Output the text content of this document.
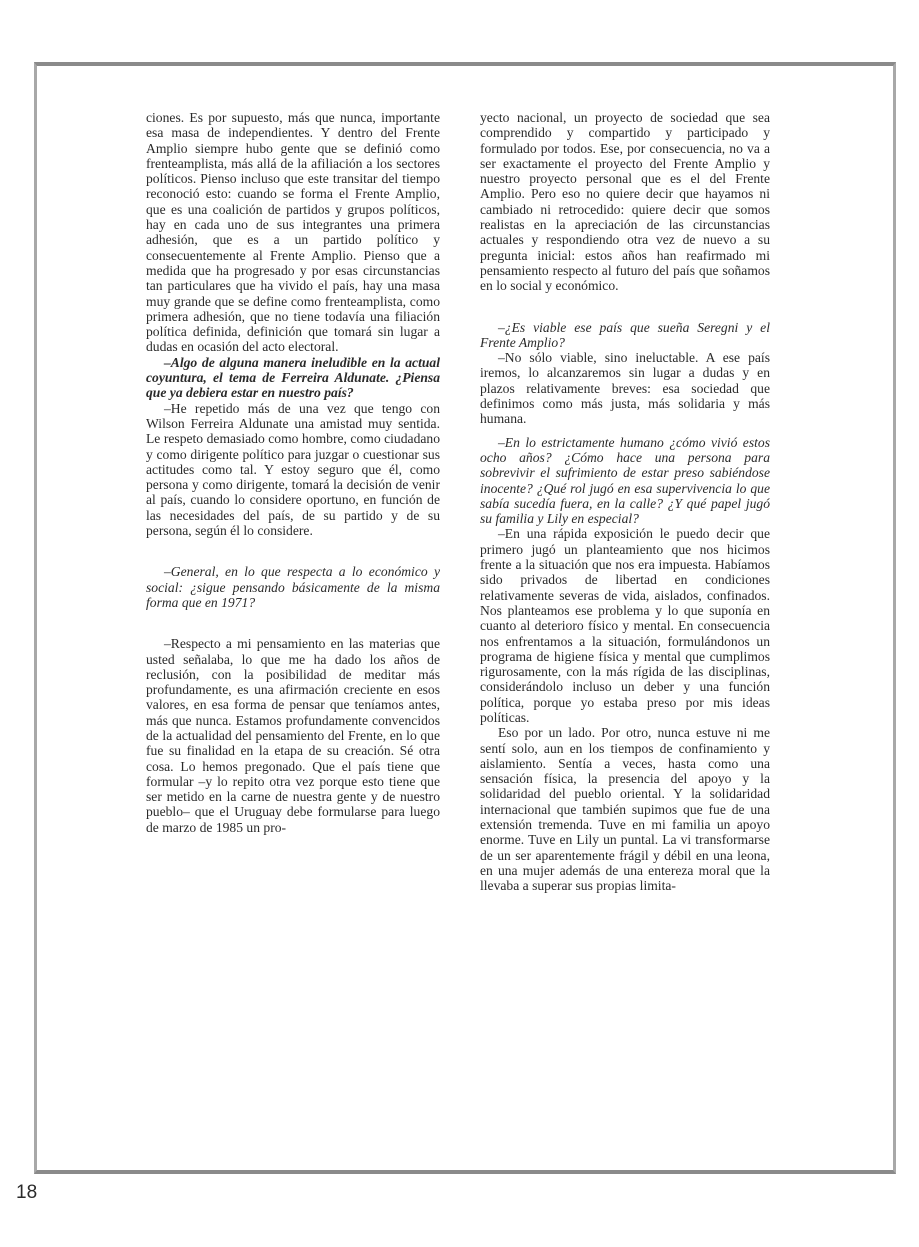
ciones. Es por supuesto, más que nunca, importante esa masa de independientes. Y dentro del Frente Amplio siempre hubo gente que se definió como frenteamplista, más allá de la afiliación a los sectores políticos. Pienso incluso que este transitar del tiempo reconoció esto: cuando se forma el Frente Amplio, que es una coalición de partidos y grupos políticos, hay en cada uno de sus integrantes una primera adhesión, que es a un partido político y consecuentemente al Frente Amplio. Pienso que a medida que ha progresado y por esas circunstancias tan particulares que ha vivido el país, hay una masa muy grande que se define como frenteamplista, como primera adhesión, que no tiene todavía una filiación política definida, definición que tomará sin lugar a dudas en ocasión del acto electoral.

–Algo de alguna manera ineludible en la actual coyuntura, el tema de Ferreira Aldunate. ¿Piensa que ya debiera estar en nuestro país?

–He repetido más de una vez que tengo con Wilson Ferreira Aldunate una amistad muy sentida. Le respeto demasiado como hombre, como ciudadano y como dirigente político para juzgar o cuestionar sus actitudes como tal. Y estoy seguro que él, como persona y como dirigente, tomará la decisión de venir al país, cuando lo considere oportuno, en función de las necesidades del país, de su partido y de su persona, según él lo considere.

–General, en lo que respecta a lo económico y social: ¿sigue pensando básicamente de la misma forma que en 1971?

–Respecto a mi pensamiento en las materias que usted señalaba, lo que me ha dado los años de reclusión, con la posibilidad de meditar más profundamente, es una afirmación creciente en esos valores, en esa forma de pensar que teníamos antes, más que nunca. Estamos profundamente convencidos de la actualidad del pensamiento del Frente, en lo que fue su finalidad en la etapa de su creación. Sé otra cosa. Lo hemos pregonado. Que el país tiene que formular –y lo repito otra vez porque esto tiene que ser metido en la carne de nuestra gente y de nuestro pueblo– que el Uruguay debe formularse para luego de marzo de 1985 un pro-

yecto nacional, un proyecto de sociedad que sea comprendido y compartido y participado y formulado por todos. Ese, por consecuencia, no va a ser exactamente el proyecto del Frente Amplio y nuestro proyecto personal que es el del Frente Amplio. Pero eso no quiere decir que hayamos ni cambiado ni retrocedido: quiere decir que somos realistas en la apreciación de las circunstancias actuales y respondiendo otra vez de nuevo a su pregunta inicial: estos años han reafirmado mi pensamiento respecto al futuro del país que soñamos en lo social y económico.

–¿Es viable ese país que sueña Seregni y el Frente Amplio?

–No sólo viable, sino ineluctable. A ese país iremos, lo alcanzaremos sin lugar a dudas y en plazos relativamente breves: esa sociedad que definimos como más justa, más solidaria y más humana.

–En lo estrictamente humano ¿cómo vivió estos ocho años? ¿Cómo hace una persona para sobrevivir el sufrimiento de estar preso sabiéndose inocente? ¿Qué rol jugó en esa supervivencia lo que sabía sucedía fuera, en la calle? ¿Y qué papel jugó su familia y Lily en especial?

–En una rápida exposición le puedo decir que primero jugó un planteamiento que nos hicimos frente a la situación que nos era impuesta. Habíamos sido privados de libertad en condiciones relativamente severas de vida, aislados, confinados. Nos planteamos ese problema y lo que suponía en cuanto al deterioro físico y mental. En consecuencia nos enfrentamos a la situación, formulándonos un programa de higiene física y mental que cumplimos rigurosamente, con la más rígida de las disciplinas, considerándolo incluso un deber y una función política, porque yo estaba preso por mis ideas políticas.

Eso por un lado. Por otro, nunca estuve ni me sentí solo, aun en los tiempos de confinamiento y aislamiento. Sentía a veces, hasta como una sensación física, la presencia del apoyo y la solidaridad del pueblo oriental. Y la solidaridad internacional que también supimos que fue de una extensión tremenda. Tuve en mi familia un apoyo enorme. Tuve en Lily un puntal. La vi transformarse de un ser aparentemente frágil y débil en una leona, en una mujer además de una entereza moral que la llevaba a superar sus propias limita-

18
